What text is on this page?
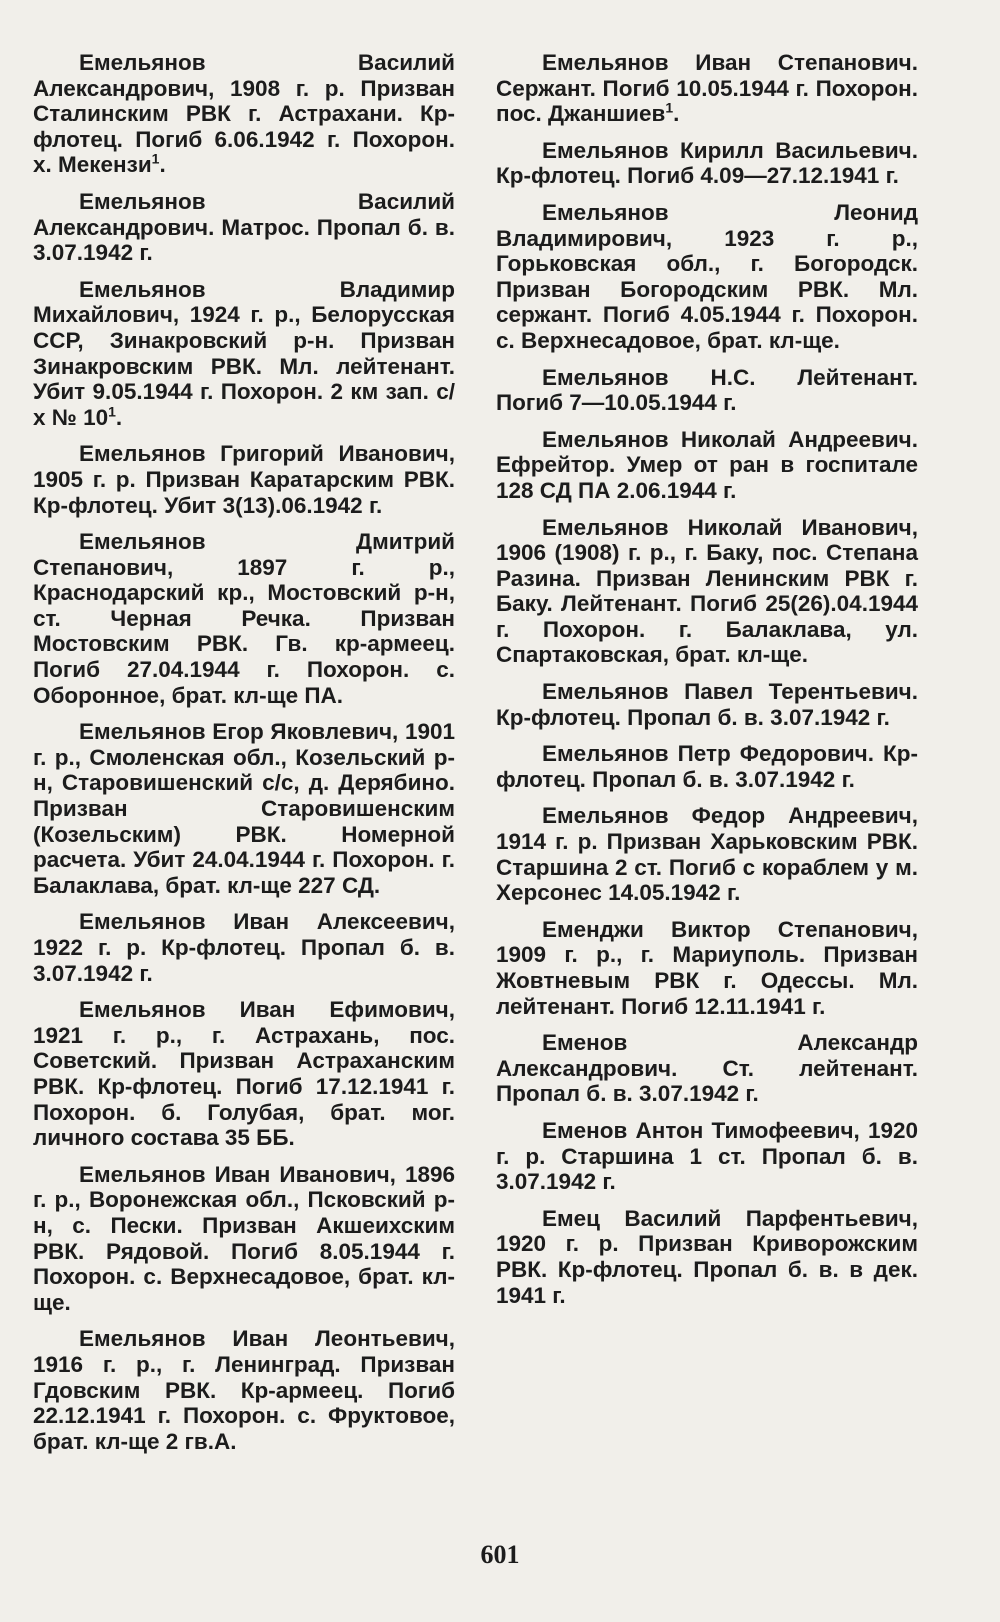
Емельянов Василий Александрович, 1908 г. р. Призван Сталинским РВК г. Астрахани. Кр-флотец. Погиб 6.06.1942 г. Похорон. х. Мекензи$^1$.

Емельянов Василий Александрович. Матрос. Пропал б. в. 3.07.1942 г.

Емельянов Владимир Михайлович, 1924 г. р., Белорусская ССР, Зинакровский р-н. Призван Зинакровским РВК. Мл. лейтенант. Убит 9.05.1944 г. Похорон. 2 км зап. с/х № $10^1$.

Емельянов Григорий Иванович, 1905 г. р. Призван Каратарским РВК. Кр-флотец. Убит 3(13).06.1942 г.

Емельянов Дмитрий Степанович, 1897 г. р., Краснодарский кр., Мостовский р-н, ст. Черная Речка. Призван Мостовским РВК. Гв. кр-армеец. Погиб 27.04.1944 г. Похорон. с. Оборонное, брат. кл-ще ПА.

Емельянов Егор Яковлевич, 1901 г. р., Смоленская обл., Козельский р-н, Старовишенский с/с, д. Дерябино. Призван Старовишенским (Козельским) РВК. Номерной расчета. Убит 24.04.1944 г. Похорон. г. Балаклава, брат. кл-ще 227 СД.

Емельянов Иван Алексеевич, 1922 г. р. Кр-флотец. Пропал б. в. 3.07.1942 г.

Емельянов Иван Ефимович, 1921 г. р., г. Астрахань, пос. Советский. Призван Астраханским РВК. Кр-флотец. Погиб 17.12.1941 г. Похорон. б. Голубая, брат. мог. личного состава 35 ББ.

Емельянов Иван Иванович, 1896 г. р., Воронежская обл., Псковский р-н, с. Пески. Призван Акшеихским РВК. Рядовой. Погиб 8.05.1944 г. Похорон. с. Верхнесадовое, брат. кл-ще.

Емельянов Иван Леонтьевич, 1916 г. р., г. Ленинград. Призван Гдовским РВК. Кр-армеец. Погиб 22.12.1941 г. Похорон. с. Фруктовое, брат. кл-ще 2 гв.А.

Емельянов Иван Степанович. Сержант. Погиб 10.05.1944 г. Похорон. пос. Джаншиев$^1$.

Емельянов Кирилл Васильевич. Кр-флотец. Погиб 4.09—27.12.1941 г.

Емельянов Леонид Владимирович, 1923 г. р., Горьковская обл., г. Богородск. Призван Богородским РВК. Мл. сержант. Погиб 4.05.1944 г. Похорон. с. Верхнесадовое, брат. кл-ще.

Емельянов Н.С. Лейтенант. Погиб 7—10.05.1944 г.

Емельянов Николай Андреевич. Ефрейтор. Умер от ран в госпитале 128 СД ПА 2.06.1944 г.

Емельянов Николай Иванович, 1906 (1908) г. р., г. Баку, пос. Степана Разина. Призван Ленинским РВК г. Баку. Лейтенант. Погиб 25(26).04.1944 г. Похорон. г. Балаклава, ул. Спартаковская, брат. кл-ще.

Емельянов Павел Терентьевич. Кр-флотец. Пропал б. в. 3.07.1942 г.

Емельянов Петр Федорович. Кр-флотец. Пропал б. в. 3.07.1942 г.

Емельянов Федор Андреевич, 1914 г. р. Призван Харьковским РВК. Старшина 2 ст. Погиб с кораблем у м. Херсонес 14.05.1942 г.

Еменджи Виктор Степанович, 1909 г. р., г. Мариуполь. Призван Жовтневым РВК г. Одессы. Мл. лейтенант. Погиб 12.11.1941 г.

Еменов Александр Александрович. Ст. лейтенант. Пропал б. в. 3.07.1942 г.

Еменов Антон Тимофеевич, 1920 г. р. Старшина 1 ст. Пропал б. в. 3.07.1942 г.

Емец Василий Парфентьевич, 1920 г. р. Призван Криворожским РВК. Кр-флотец. Пропал б. в. в дек. 1941 г.

601
